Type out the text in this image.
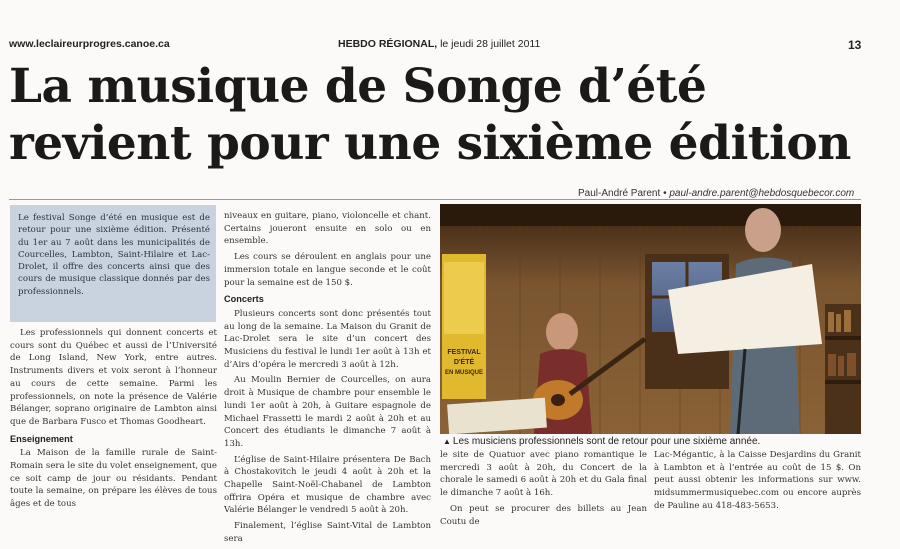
www.leclaireurprogres.canoe.ca	HEBDO RÉGIONAL, le jeudi 28 juillet 2011	13
La musique de Songe d’été
revient pour une sixième édition
Paul-André Parent • paul-andre.parent@hebdosquebecor.com
Le festival Songe d’été en musique est de retour pour une sixième édition. Présenté du 1er au 7 août dans les municipalités de Courcelles, Lambton, Saint-Hilaire et Lac-Drolet, il offre des concerts ainsi que des cours de musique classique donnés par des professionnels.

Les professionnels qui donnent concerts et cours sont du Québec et aussi de l’Université de Long Island, New York, entre autres. Instruments divers et voix seront à l’honneur au cours de cette semaine. Parmi les professionnels, on note la présence de Valérie Bélanger, soprano originaire de Lambton ainsi que de Barbara Fusco et Thomas Goodheart.

Enseignement

La Maison de la famille rurale de Saint-Romain sera le site du volet enseignement, que ce soit camp de jour ou résidants. Pendant toute la semaine, on prépare les élèves de tous âges et de tous

niveaux en guitare, piano, violoncelle et chant. Certains joueront ensuite en solo ou en ensemble.

Les cours se déroulent en anglais pour une immersion totale en langue seconde et le coût pour la semaine est de 150 $.

Concerts

Plusieurs concerts sont donc présentés tout au long de la semaine. La Maison du Granit de Lac-Drolet sera le site d’un concert des Musiciens du festival le lundi 1er août à 13h et d’Airs d’opéra le mercredi 3 août à 12h.

Au Moulin Bernier de Courcelles, on aura droit à Musique de chambre pour ensemble le lundi 1er août à 20h, à Guitare espagnole de Michael Frassetti le mardi 2 août à 20h et au Concert des étudiants le dimanche 7 août à 13h.

L’église de Saint-Hilaire présentera De Bach à Chostakovitch le jeudi 4 août à 20h et la Chapelle Saint-Noël-Chabanel de Lambton offrira Opéra et musique de chambre avec Valérie Bélanger le vendredi 5 août à 20h.

Finalement, l’église Saint-Vital de Lambton sera

FESTIVAL
D'ÉTÉ
EN MUSIQUE
▲ Les musiciens professionnels sont de retour pour une sixième année.

le site de Quatuor avec piano romantique le mercredi 3 août à 20h, du Concert de la chorale le samedi 6 août à 20h et du Gala final le dimanche 7 août à 16h.

On peut se procurer des billets au Jean Coutu de

Lac-Mégantic, à la Caisse Desjardins du Granit à Lambton et à l’entrée au coût de 15 $. On peut aussi obtenir les informations sur www. midsummermusiquebec.com ou encore auprès de Pauline au 418-483-5653.
